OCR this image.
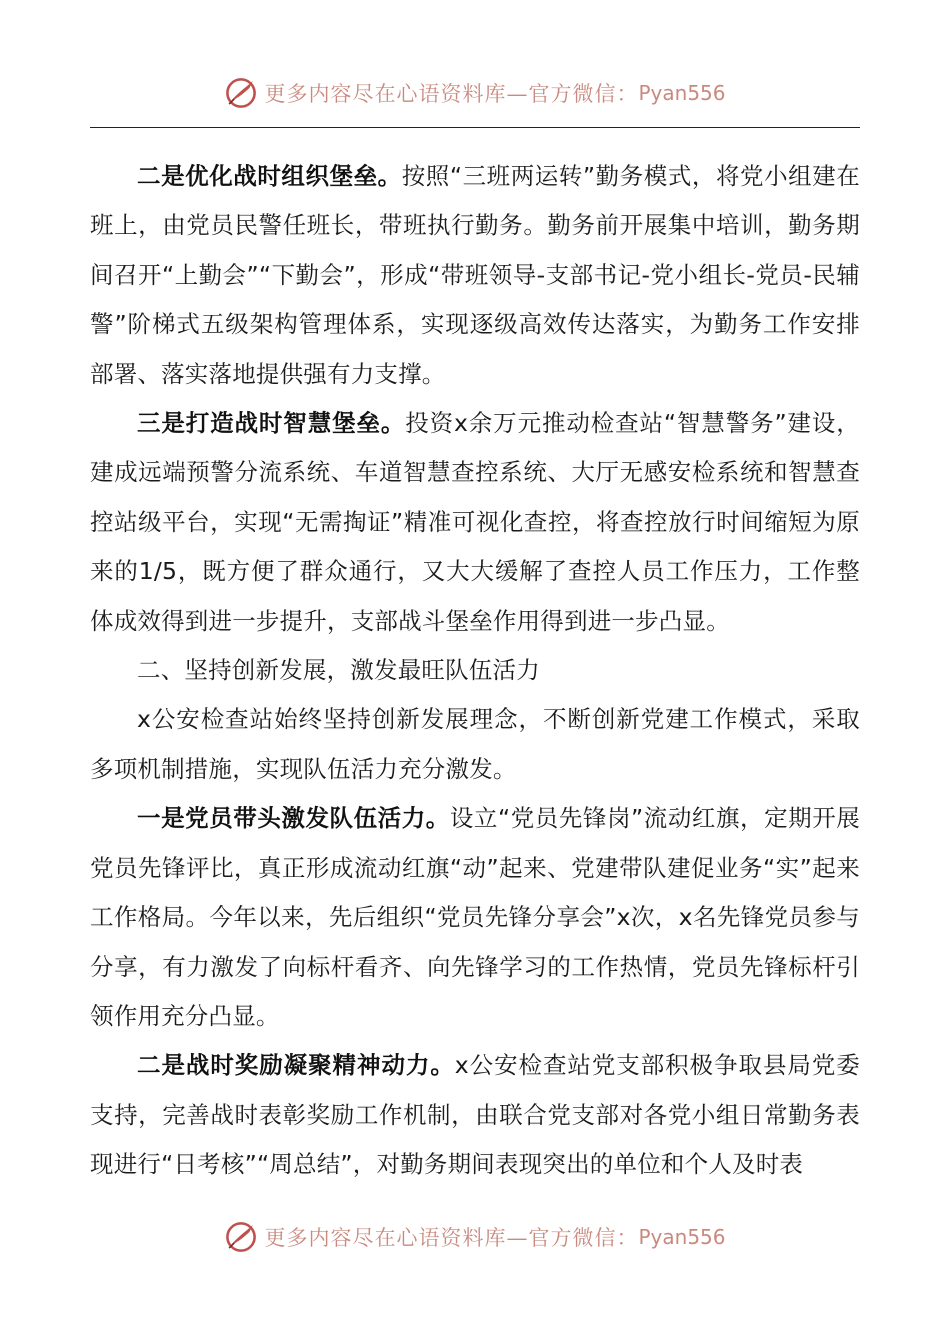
更多内容尽在心语资料库—官方微信： Pyan556

二是优化战时组织堡垒。按照“三班两运转”勤务模式，将党小组建在班上，由党员民警任班长，带班执行勤务。勤务前开展集中培训，勤务期间召开“上勤会”“下勤会”，形成“带班领导-支部书记-党小组长-党员-民辅警”阶梯式五级架构管理体系，实现逐级高效传达落实，为勤务工作安排部署、落实落地提供强有力支撑。

三是打造战时智慧堡垒。投资x余万元推动检查站“智慧警务”建设，建成远端预警分流系统、车道智慧查控系统、大厅无感安检系统和智慧查控站级平台，实现“无需掏证”精准可视化查控，将查控放行时间缩短为原来的1/5，既方便了群众通行，又大大缓解了查控人员工作压力，工作整体成效得到进一步提升，支部战斗堡垒作用得到进一步凸显。

二、坚持创新发展，激发最旺队伍活力

x公安检查站始终坚持创新发展理念，不断创新党建工作模式，采取多项机制措施，实现队伍活力充分激发。

一是党员带头激发队伍活力。设立“党员先锋岗”流动红旗，定期开展党员先锋评比，真正形成流动红旗“动”起来、党建带队建促业务“实”起来工作格局。今年以来，先后组织“党员先锋分享会”x次，x名先锋党员参与分享，有力激发了向标杆看齐、向先锋学习的工作热情，党员先锋标杆引领作用充分凸显。

二是战时奖励凝聚精神动力。x公安检查站党支部积极争取县局党委支持，完善战时表彰奖励工作机制，由联合党支部对各党小组日常勤务表现进行“日考核”“周总结”，对勤务期间表现突出的单位和个人及时表

更多内容尽在心语资料库—官方微信： Pyan556
